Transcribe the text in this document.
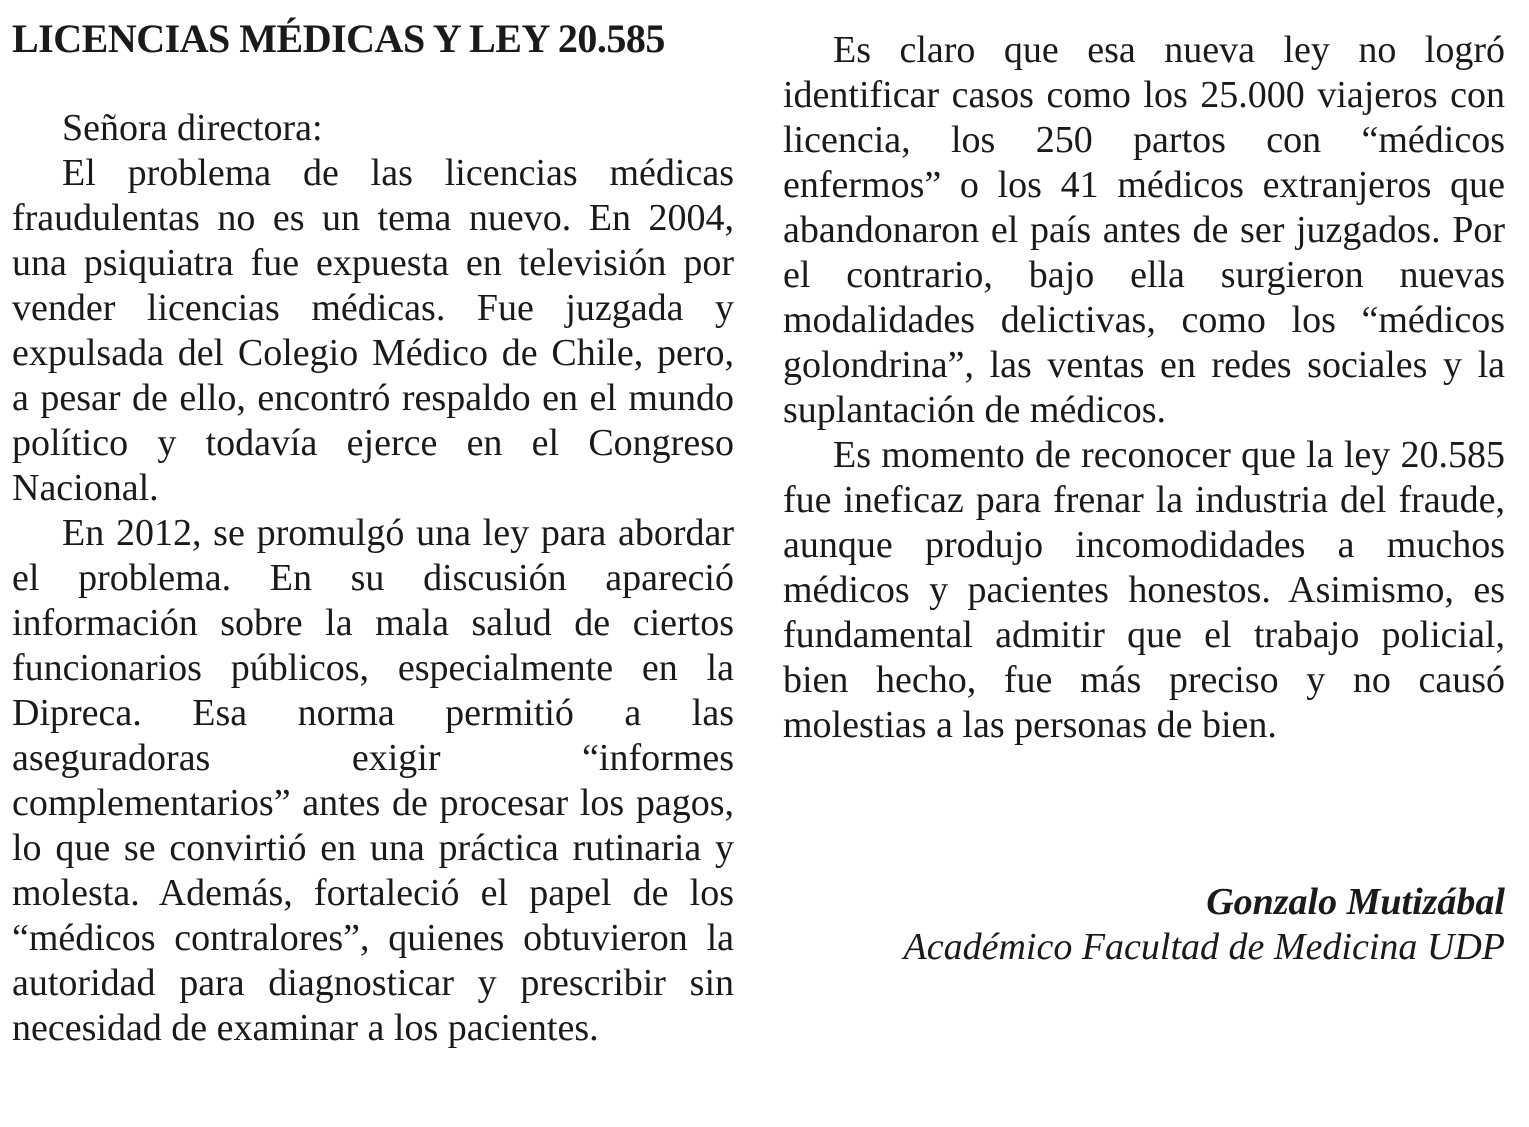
LICENCIAS MÉDICAS Y LEY 20.585

Señora directora:

El problema de las licencias médicas fraudulentas no es un tema nuevo. En 2004, una psiquiatra fue expuesta en televisión por vender licencias médicas. Fue juzgada y expulsada del Colegio Médico de Chile, pero, a pesar de ello, encontró respaldo en el mundo político y todavía ejerce en el Congreso Nacional.

En 2012, se promulgó una ley para abordar el problema. En su discusión apareció información sobre la mala salud de ciertos funcionarios públicos, especialmente en la Dipreca. Esa norma permitió a las aseguradoras exigir “informes complementarios” antes de procesar los pagos, lo que se convirtió en una práctica rutinaria y molesta. Además, fortaleció el papel de los “médicos contralores”, quienes obtuvieron la autoridad para diagnosticar y prescribir sin necesidad de examinar a los pacientes.

Es claro que esa nueva ley no logró identificar casos como los 25.000 viajeros con licencia, los 250 partos con “médicos enfermos” o los 41 médicos extranjeros que abandonaron el país antes de ser juzgados. Por el contrario, bajo ella surgieron nuevas modalidades delictivas, como los “médicos golondrina”, las ventas en redes sociales y la suplantación de médicos.

Es momento de reconocer que la ley 20.585 fue ineficaz para frenar la industria del fraude, aunque produjo incomodidades a muchos médicos y pacientes honestos. Asimismo, es fundamental admitir que el trabajo policial, bien hecho, fue más preciso y no causó molestias a las personas de bien.

Gonzalo Mutizábal
Académico Facultad de Medicina UDP
